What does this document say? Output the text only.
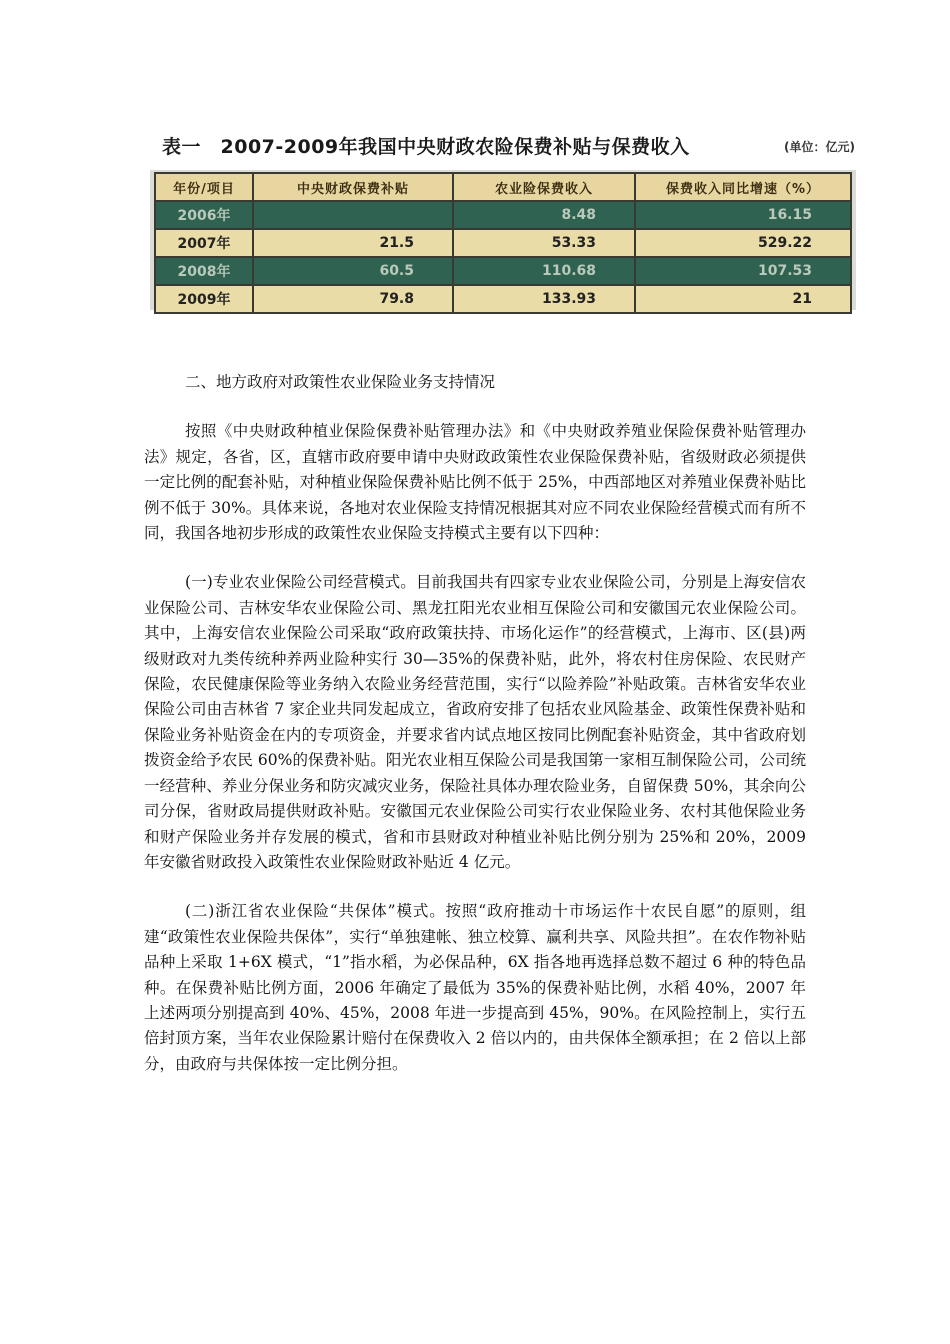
表一　2007-2009年我国中央财政农险保费补贴与保费收入	(单位：亿元)
年份/项目	中央财政保费补贴	农业险保费收入	保费收入同比增速（%）
2006年		8.48	16.15
2007年	21.5	53.33	529.22
2008年	60.5	110.68	107.53
2009年	79.8	133.93	21

二、地方政府对政策性农业保险业务支持情况

按照《中央财政种植业保险保费补贴管理办法》和《中央财政养殖业保险保费补贴管理办法》规定，各省，区，直辖市政府要申请中央财政政策性农业保险保费补贴，省级财政必须提供一定比例的配套补贴，对种植业保险保费补贴比例不低于 25%，中西部地区对养殖业保费补贴比例不低于 30%。具体来说，各地对农业保险支持情况根据其对应不同农业保险经营模式而有所不同，我国各地初步形成的政策性农业保险支持模式主要有以下四种：

(一)专业农业保险公司经营模式。目前我国共有四家专业农业保险公司，分别是上海安信农业保险公司、吉林安华农业保险公司、黑龙扛阳光农业相互保险公司和安徽国元农业保险公司。其中，上海安信农业保险公司采取“政府政策扶持、市场化运作”的经营模式，上海市、区(县)两级财政对九类传统种养两业险种实行 30—35%的保费补贴，此外，将农村住房保险、农民财产保险，农民健康保险等业务纳入农险业务经营范围，实行“以险养险”补贴政策。吉林省安华农业保险公司由吉林省 7 家企业共同发起成立，省政府安排了包括农业风险基金、政策性保费补贴和保险业务补贴资金在内的专项资金，并要求省内试点地区按同比例配套补贴资金，其中省政府划拨资金给予农民 60%的保费补贴。阳光农业相互保险公司是我国第一家相互制保险公司，公司统一经营种、养业分保业务和防灾减灾业务，保险社具体办理农险业务，自留保费 50%，其余向公司分保，省财政局提供财政补贴。安徽国元农业保险公司实行农业保险业务、农村其他保险业务和财产保险业务并存发展的模式，省和市县财政对种植业补贴比例分别为 25%和 20%，2009 年安徽省财政投入政策性农业保险财政补贴近 4 亿元。

(二)浙江省农业保险“共保体”模式。按照“政府推动十市场运作十农民自愿”的原则，组建“政策性农业保险共保体”，实行“单独建帐、独立校算、赢利共享、风险共担”。在农作物补贴品种上采取 1+6X 模式，“1”指水稻，为必保品种，6X 指各地再选择总数不超过 6 种的特色品种。在保费补贴比例方面，2006 年确定了最低为 35%的保费补贴比例，水稻 40%，2007 年上述两项分别提高到 40%、45%，2008 年进一步提高到 45%，90%。在风险控制上，实行五倍封顶方案，当年农业保险累计赔付在保费收入 2 倍以内的，由共保体全额承担；在 2 倍以上部分，由政府与共保体按一定比例分担。
